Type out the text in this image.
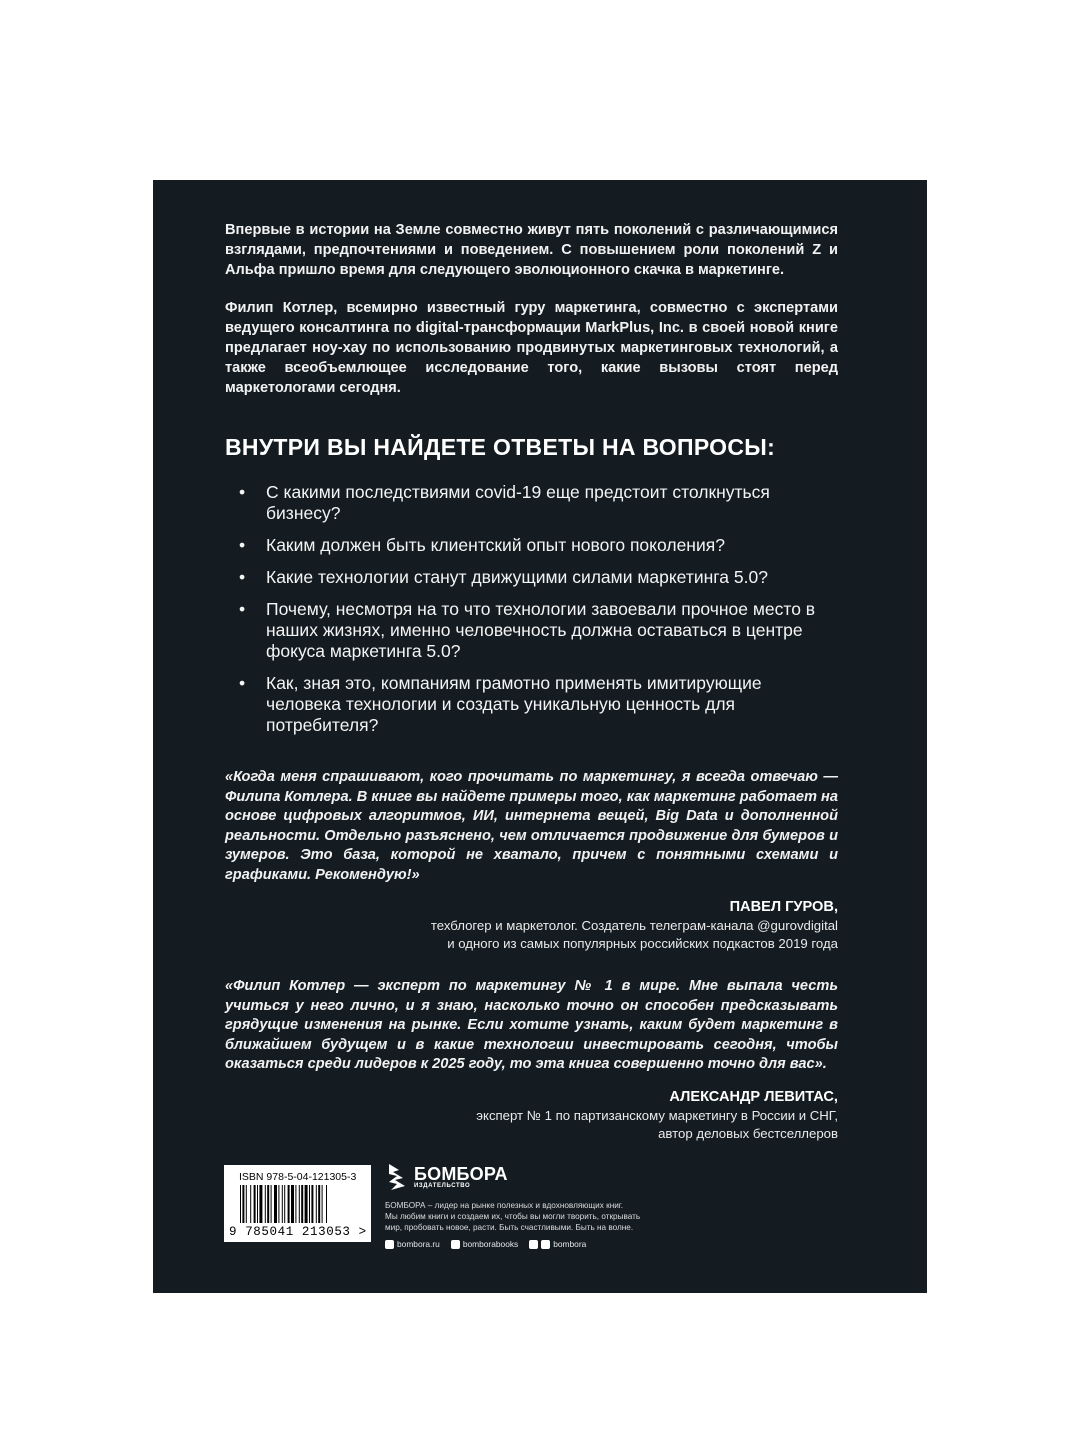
Впервые в истории на Земле совместно живут пять поколений с различающимися взглядами, предпочтениями и поведением. С повышением роли поколений Z и Альфа пришло время для следующего эволюционного скачка в маркетинге.

Филип Котлер, всемирно известный гуру маркетинга, совместно с экспертами ведущего консалтинга по digital-трансформации MarkPlus, Inc. в своей новой книге предлагает ноу-хау по использованию продвинутых маркетинговых технологий, а также всеобъемлющее исследование того, какие вызовы стоят перед маркетологами сегодня.

ВНУТРИ ВЫ НАЙДЕТЕ ОТВЕТЫ НА ВОПРОСЫ:
• С какими последствиями covid-19 еще предстоит столкнуться бизнесу?
• Каким должен быть клиентский опыт нового поколения?
• Какие технологии станут движущими силами маркетинга 5.0?
• Почему, несмотря на то что технологии завоевали прочное место в наших жизнях, именно человечность должна оставаться в центре фокуса маркетинга 5.0?
• Как, зная это, компаниям грамотно применять имитирующие человека технологии и создать уникальную ценность для потребителя?

«Когда меня спрашивают, кого прочитать по маркетингу, я всегда отвечаю — Филипа Котлера. В книге вы найдете примеры того, как маркетинг работает на основе цифровых алгоритмов, ИИ, интернета вещей, Big Data и дополненной реальности. Отдельно разъяснено, чем отличается продвижение для бумеров и зумеров. Это база, которой не хватало, причем с понятными схемами и графиками. Рекомендую!»

ПАВЕЛ ГУРОВ,
техблогер и маркетолог. Создатель телеграм-канала @gurovdigital
и одного из самых популярных российских подкастов 2019 года

«Филип Котлер — эксперт по маркетингу № 1 в мире. Мне выпала честь учиться у него лично, и я знаю, насколько точно он способен предсказывать грядущие изменения на рынке. Если хотите узнать, каким будет маркетинг в ближайшем будущем и в какие технологии инвестировать сегодня, чтобы оказаться среди лидеров к 2025 году, то эта книга совершенно точно для вас».

АЛЕКСАНДР ЛЕВИТАС,
эксперт № 1 по партизанскому маркетингу в России и СНГ,
автор деловых бестселлеров
ISBN 978-5-04-121305-3
9 785041 213053 >
БОМБОРА
ИЗДАТЕЛЬСТВО
БОМБОРА – лидер на рынке полезных и вдохновляющих книг.
Мы любим книги и создаем их, чтобы вы могли творить, открывать
мир, пробовать новое, расти. Быть счастливыми. Быть на волне.
bombora.ru	bomborabooks	bombora
